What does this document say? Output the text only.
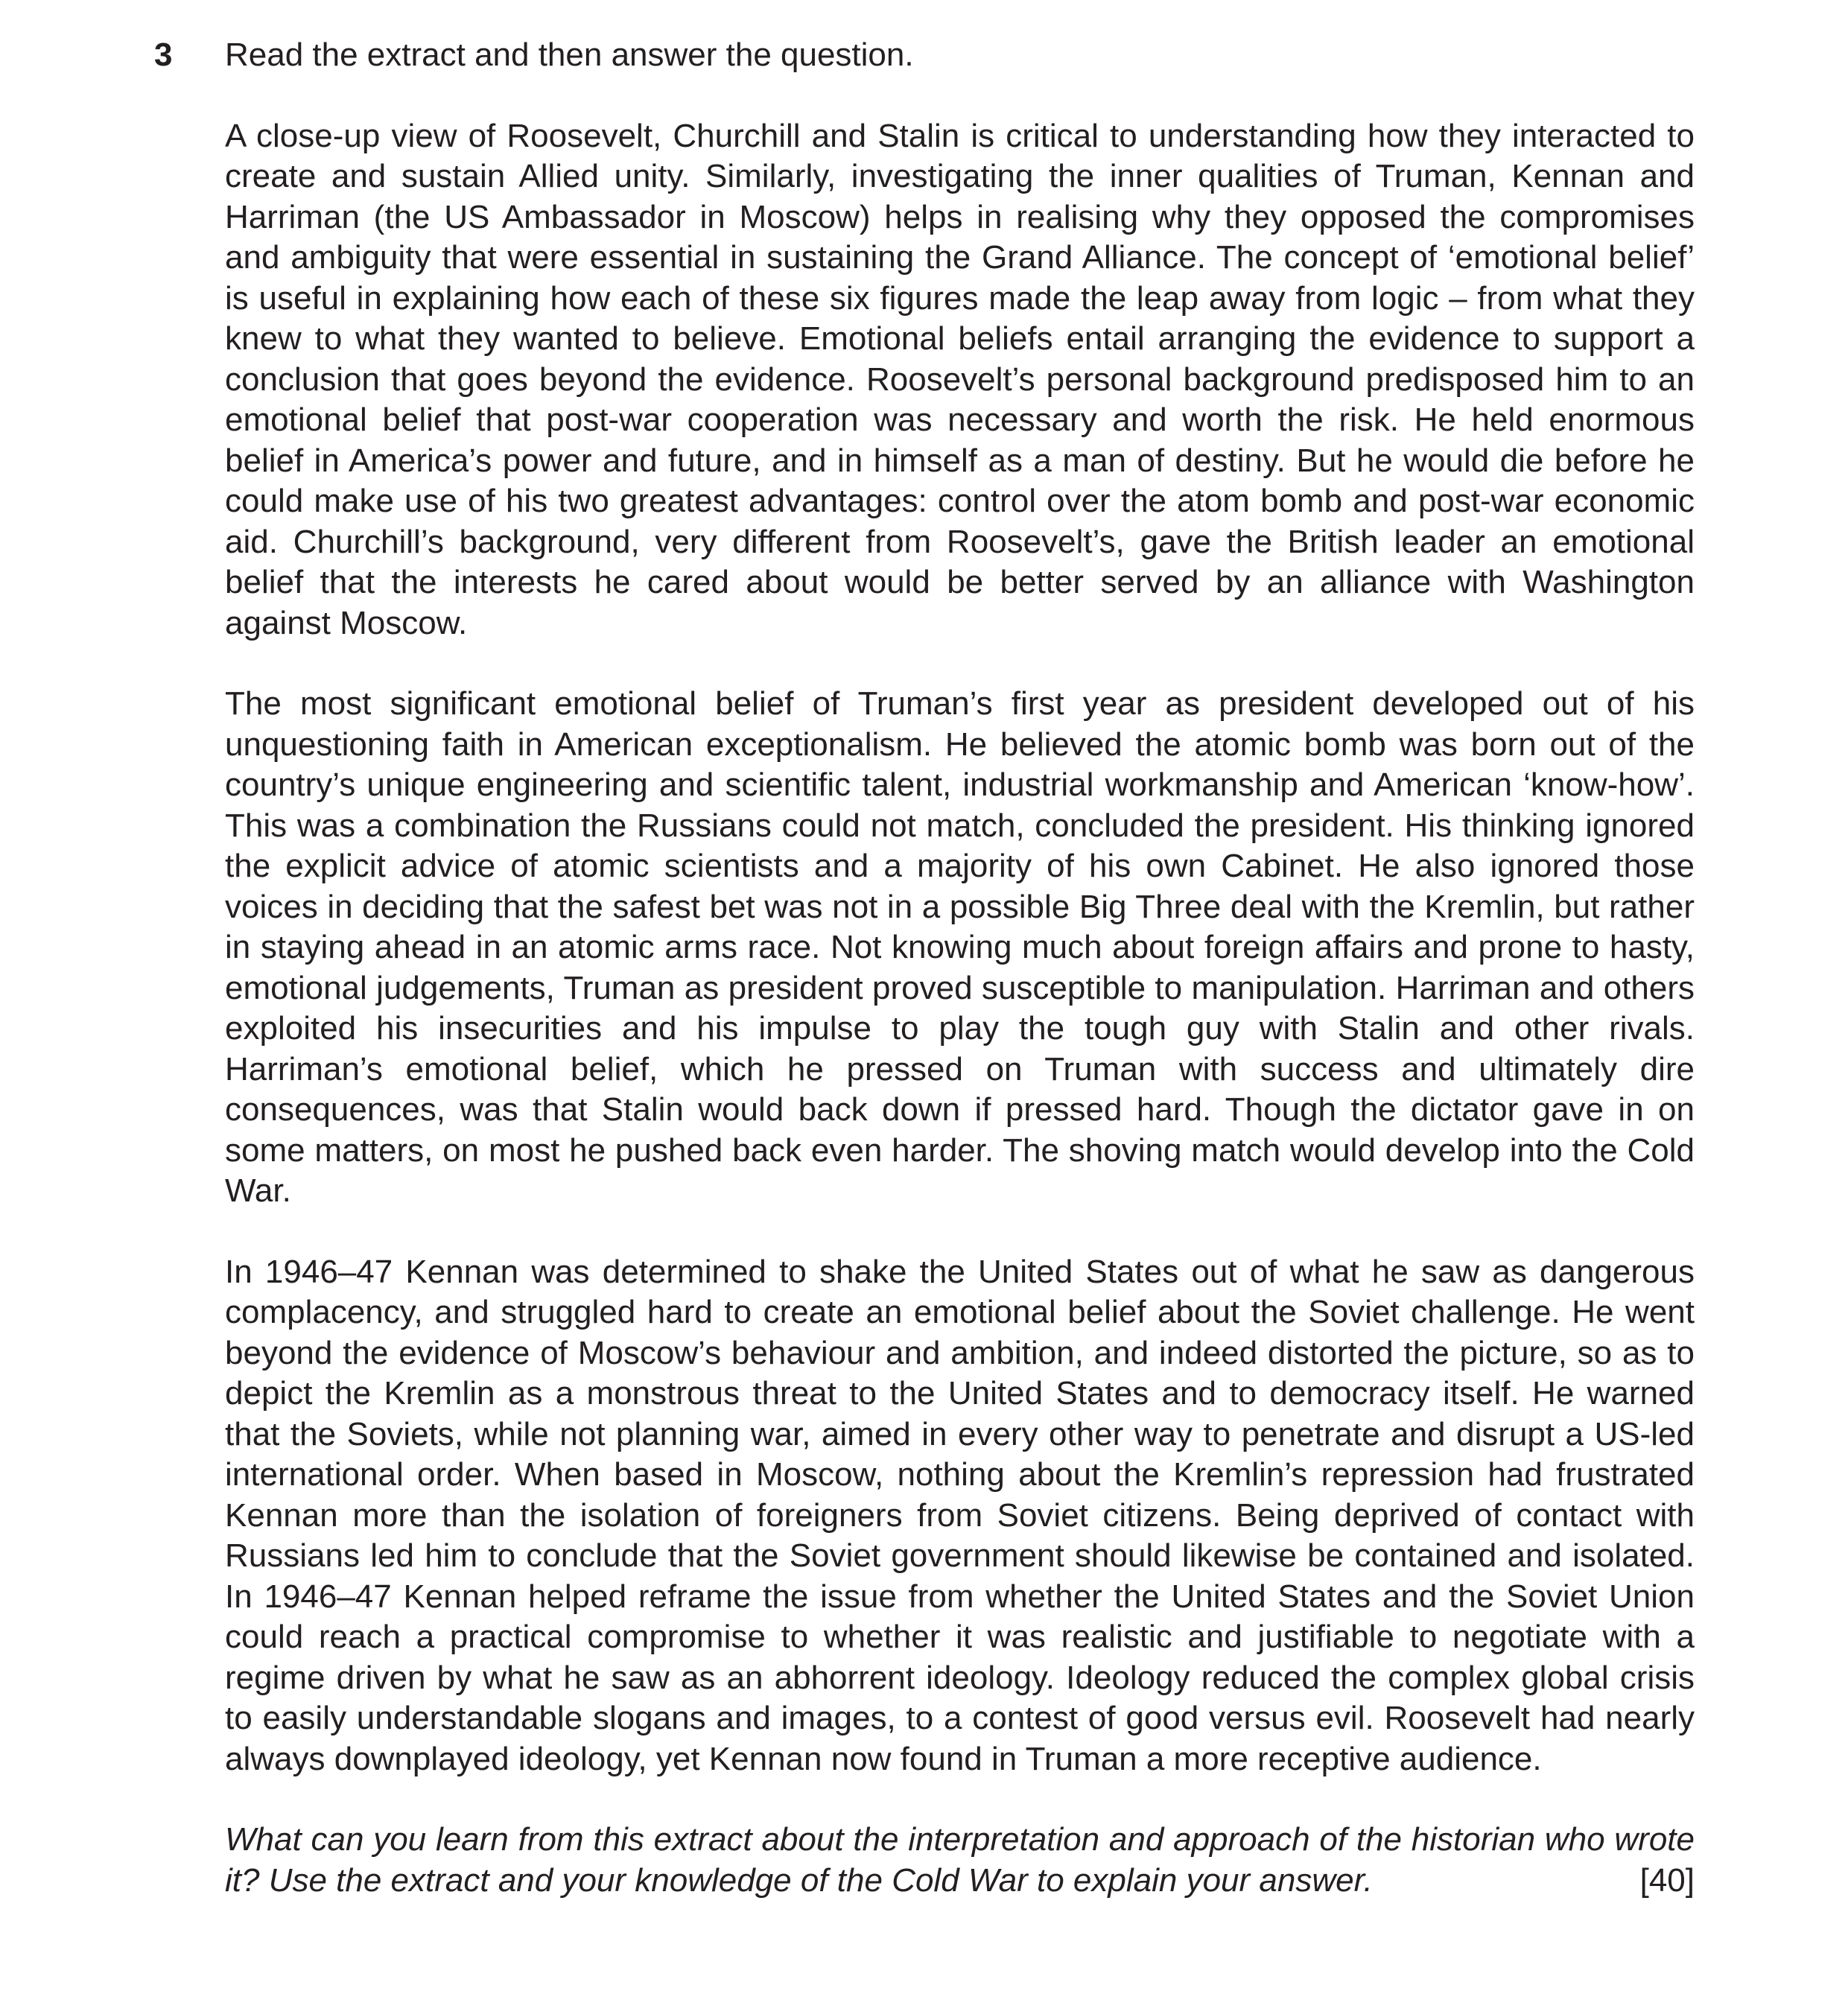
3 Read the extract and then answer the question.

A close-up view of Roosevelt, Churchill and Stalin is critical to understanding how they interacted to create and sustain Allied unity. Similarly, investigating the inner qualities of Truman, Kennan and Harriman (the US Ambassador in Moscow) helps in realising why they opposed the compromises and ambiguity that were essential in sustaining the Grand Alliance. The concept of ‘emotional belief’ is useful in explaining how each of these six figures made the leap away from logic – from what they knew to what they wanted to believe. Emotional beliefs entail arranging the evidence to support a conclusion that goes beyond the evidence. Roosevelt’s personal background predisposed him to an emotional belief that post-war cooperation was necessary and worth the risk. He held enormous belief in America’s power and future, and in himself as a man of destiny. But he would die before he could make use of his two greatest advantages: control over the atom bomb and post-war economic aid. Churchill’s background, very different from Roosevelt’s, gave the British leader an emotional belief that the interests he cared about would be better served by an alliance with Washington against Moscow.

The most significant emotional belief of Truman’s first year as president developed out of his unquestioning faith in American exceptionalism. He believed the atomic bomb was born out of the country’s unique engineering and scientific talent, industrial workmanship and American ‘know-how’. This was a combination the Russians could not match, concluded the president. His thinking ignored the explicit advice of atomic scientists and a majority of his own Cabinet. He also ignored those voices in deciding that the safest bet was not in a possible Big Three deal with the Kremlin, but rather in staying ahead in an atomic arms race. Not knowing much about foreign affairs and prone to hasty, emotional judgements, Truman as president proved susceptible to manipulation. Harriman and others exploited his insecurities and his impulse to play the tough guy with Stalin and other rivals. Harriman’s emotional belief, which he pressed on Truman with success and ultimately dire consequences, was that Stalin would back down if pressed hard. Though the dictator gave in on some matters, on most he pushed back even harder. The shoving match would develop into the Cold War.

In 1946–47 Kennan was determined to shake the United States out of what he saw as dangerous complacency, and struggled hard to create an emotional belief about the Soviet challenge. He went beyond the evidence of Moscow’s behaviour and ambition, and indeed distorted the picture, so as to depict the Kremlin as a monstrous threat to the United States and to democracy itself. He warned that the Soviets, while not planning war, aimed in every other way to penetrate and disrupt a US-led international order. When based in Moscow, nothing about the Kremlin’s repression had frustrated Kennan more than the isolation of foreigners from Soviet citizens. Being deprived of contact with Russians led him to conclude that the Soviet government should likewise be contained and isolated. In 1946–47 Kennan helped reframe the issue from whether the United States and the Soviet Union could reach a practical compromise to whether it was realistic and justifiable to negotiate with a regime driven by what he saw as an abhorrent ideology. Ideology reduced the complex global crisis to easily understandable slogans and images, to a contest of good versus evil. Roosevelt had nearly always downplayed ideology, yet Kennan now found in Truman a more receptive audience.

What can you learn from this extract about the interpretation and approach of the historian who wrote it? Use the extract and your knowledge of the Cold War to explain your answer.	[40]
